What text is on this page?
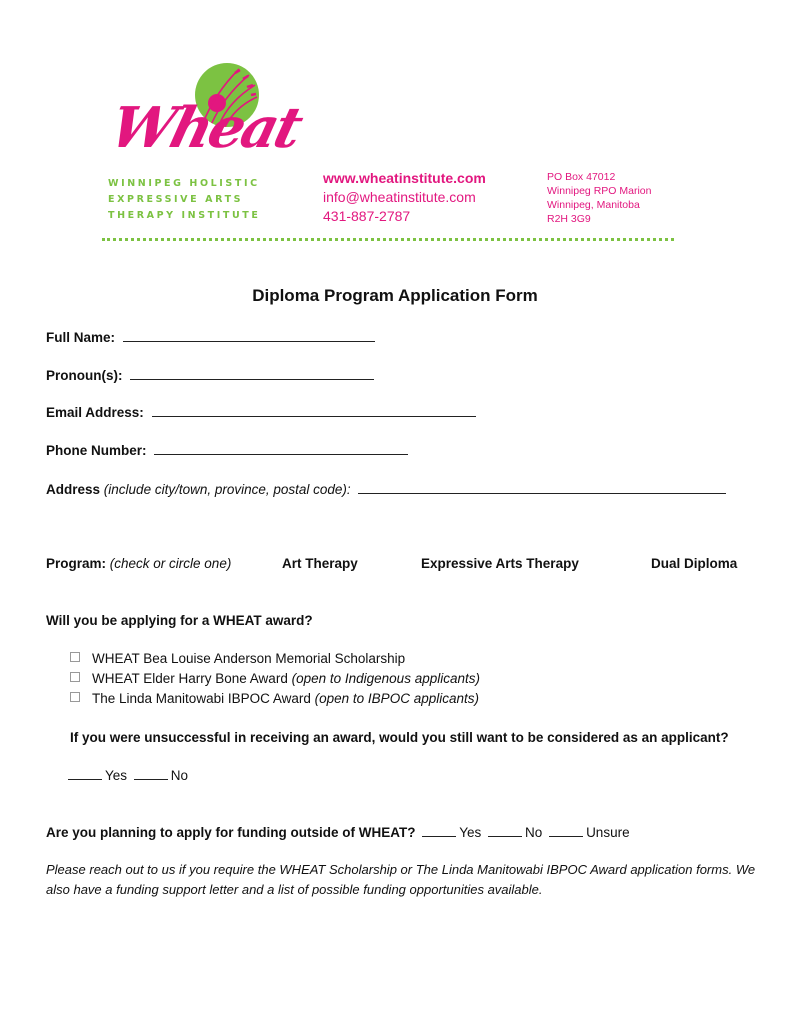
Wheat
WINNIPEG HOLISTIC
EXPRESSIVE ARTS
THERAPY INSTITUTE
www.wheatinstitute.com
info@wheatinstitute.com
431-887-2787
PO Box 47012
Winnipeg RPO Marion
Winnipeg, Manitoba
R2H 3G9
Diploma Program Application Form
Full Name:
Pronoun(s):
Email Address:
Phone Number:
Address (include city/town, province, postal code):
Program: (check or circle one)	Art Therapy	Expressive Arts Therapy	Dual Diploma
Will you be applying for a WHEAT award?
WHEAT Bea Louise Anderson Memorial Scholarship
WHEAT Elder Harry Bone Award (open to Indigenous applicants)
The Linda Manitowabi IBPOC Award (open to IBPOC applicants)
If you were unsuccessful in receiving an award, would you still want to be considered as an applicant?
Yes	No
Are you planning to apply for funding outside of WHEAT?	Yes	No	Unsure
Please reach out to us if you require the WHEAT Scholarship or The Linda Manitowabi IBPOC Award application forms. We also have a funding support letter and a list of possible funding opportunities available.
